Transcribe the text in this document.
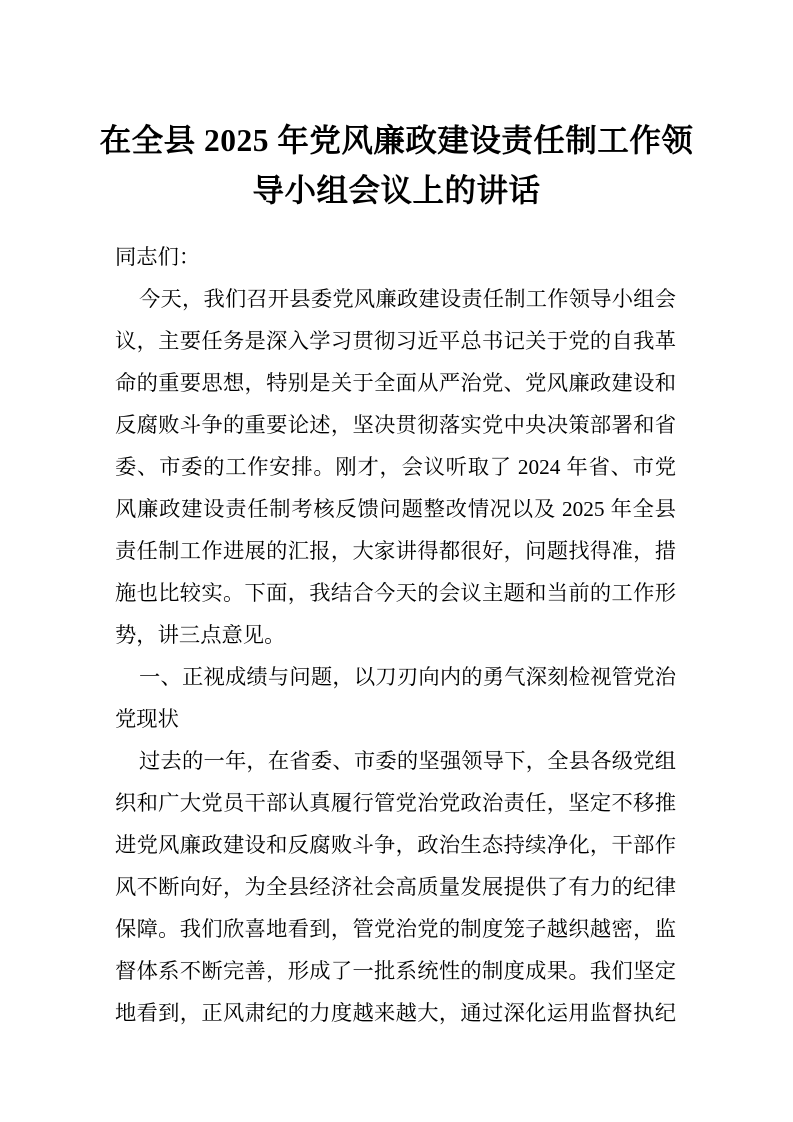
在全县 2025 年党风廉政建设责任制工作领
导小组会议上的讲话
同志们：
今天，我们召开县委党风廉政建设责任制工作领导小组会
议，主要任务是深入学习贯彻习近平总书记关于党的自我革
命的重要思想，特别是关于全面从严治党、党风廉政建设和
反腐败斗争的重要论述，坚决贯彻落实党中央决策部署和省
委、市委的工作安排。刚才，会议听取了 2024 年省、市党
风廉政建设责任制考核反馈问题整改情况以及 2025 年全县
责任制工作进展的汇报，大家讲得都很好，问题找得准，措
施也比较实。下面，我结合今天的会议主题和当前的工作形
势，讲三点意见。
一、正视成绩与问题，以刀刃向内的勇气深刻检视管党治
党现状
过去的一年，在省委、市委的坚强领导下，全县各级党组
织和广大党员干部认真履行管党治党政治责任，坚定不移推
进党风廉政建设和反腐败斗争，政治生态持续净化，干部作
风不断向好，为全县经济社会高质量发展提供了有力的纪律
保障。我们欣喜地看到，管党治党的制度笼子越织越密，监
督体系不断完善，形成了一批系统性的制度成果。我们坚定
地看到，正风肃纪的力度越来越大，通过深化运用监督执纪
